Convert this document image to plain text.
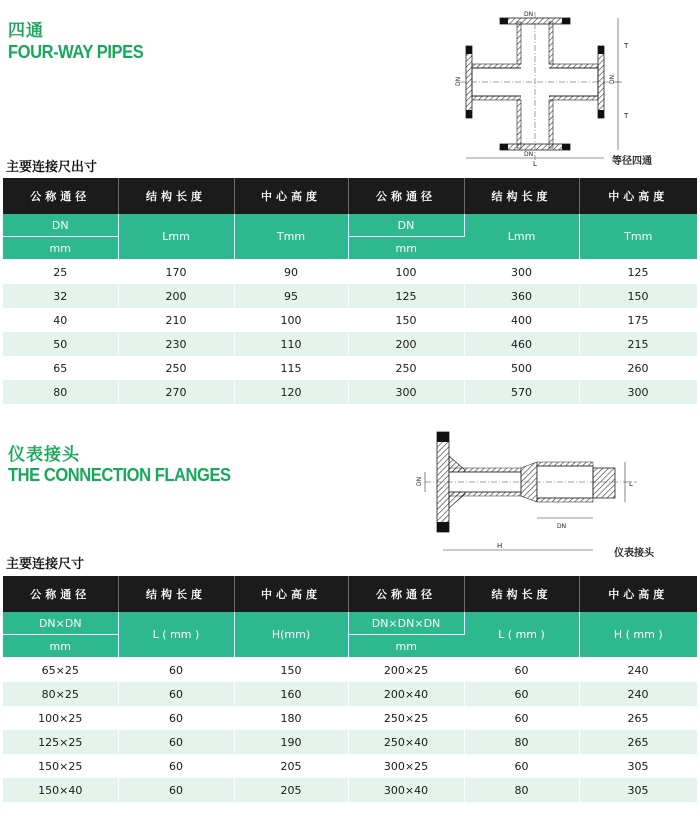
四通
FOUR-WAY PIPES	T
T
L
DN
DN
DN	DN
等径四通
主要连接尺出寸
公称通径	结构长度	中心高度	公称通径	结构长度	中心高度
DN	Lmm	Tmm	DN	Lmm	Tmm
mm			mm		
25	170	90	100	300	125
32	200	95	125	360	150
40	210	100	150	400	175
50	230	110	200	460	215
65	250	115	250	500	260
80	270	120	300	570	300
仪表接头
THE CONNECTION FLANGES	DN	L
DN
H
仪表接头
主要连接尺寸
公称通径	结构长度	中心高度	公称通径	结构长度	中心高度
DN×DN	L ( mm )	H(mm)	DN×DN×DN	L ( mm )	H ( mm )
mm			mm		
65×25	60	150	200×25	60	240
80×25	60	160	200×40	60	240
100×25	60	180	250×25	60	265
125×25	60	190	250×40	80	265
150×25	60	205	300×25	60	305
150×40	60	205	300×40	80	305
